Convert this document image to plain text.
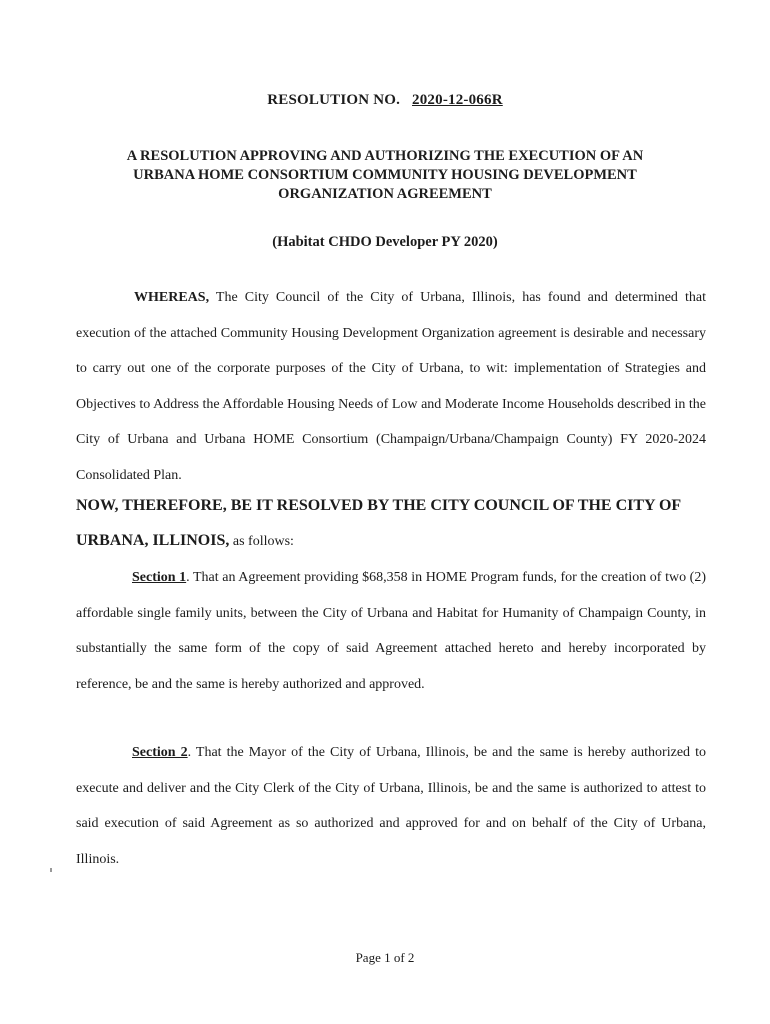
RESOLUTION NO. 2020-12-066R
A RESOLUTION APPROVING AND AUTHORIZING THE EXECUTION OF AN URBANA HOME CONSORTIUM COMMUNITY HOUSING DEVELOPMENT ORGANIZATION AGREEMENT
(Habitat CHDO Developer PY 2020)
WHEREAS, The City Council of the City of Urbana, Illinois, has found and determined that execution of the attached Community Housing Development Organization agreement is desirable and necessary to carry out one of the corporate purposes of the City of Urbana, to wit: implementation of Strategies and Objectives to Address the Affordable Housing Needs of Low and Moderate Income Households described in the City of Urbana and Urbana HOME Consortium (Champaign/Urbana/Champaign County) FY 2020-2024 Consolidated Plan.
NOW, THEREFORE, BE IT RESOLVED BY THE CITY COUNCIL OF THE CITY OF URBANA, ILLINOIS, as follows:
Section 1. That an Agreement providing $68,358 in HOME Program funds, for the creation of two (2) affordable single family units, between the City of Urbana and Habitat for Humanity of Champaign County, in substantially the same form of the copy of said Agreement attached hereto and hereby incorporated by reference, be and the same is hereby authorized and approved.
Section 2. That the Mayor of the City of Urbana, Illinois, be and the same is hereby authorized to execute and deliver and the City Clerk of the City of Urbana, Illinois, be and the same is authorized to attest to said execution of said Agreement as so authorized and approved for and on behalf of the City of Urbana, Illinois.
Page 1 of 2
